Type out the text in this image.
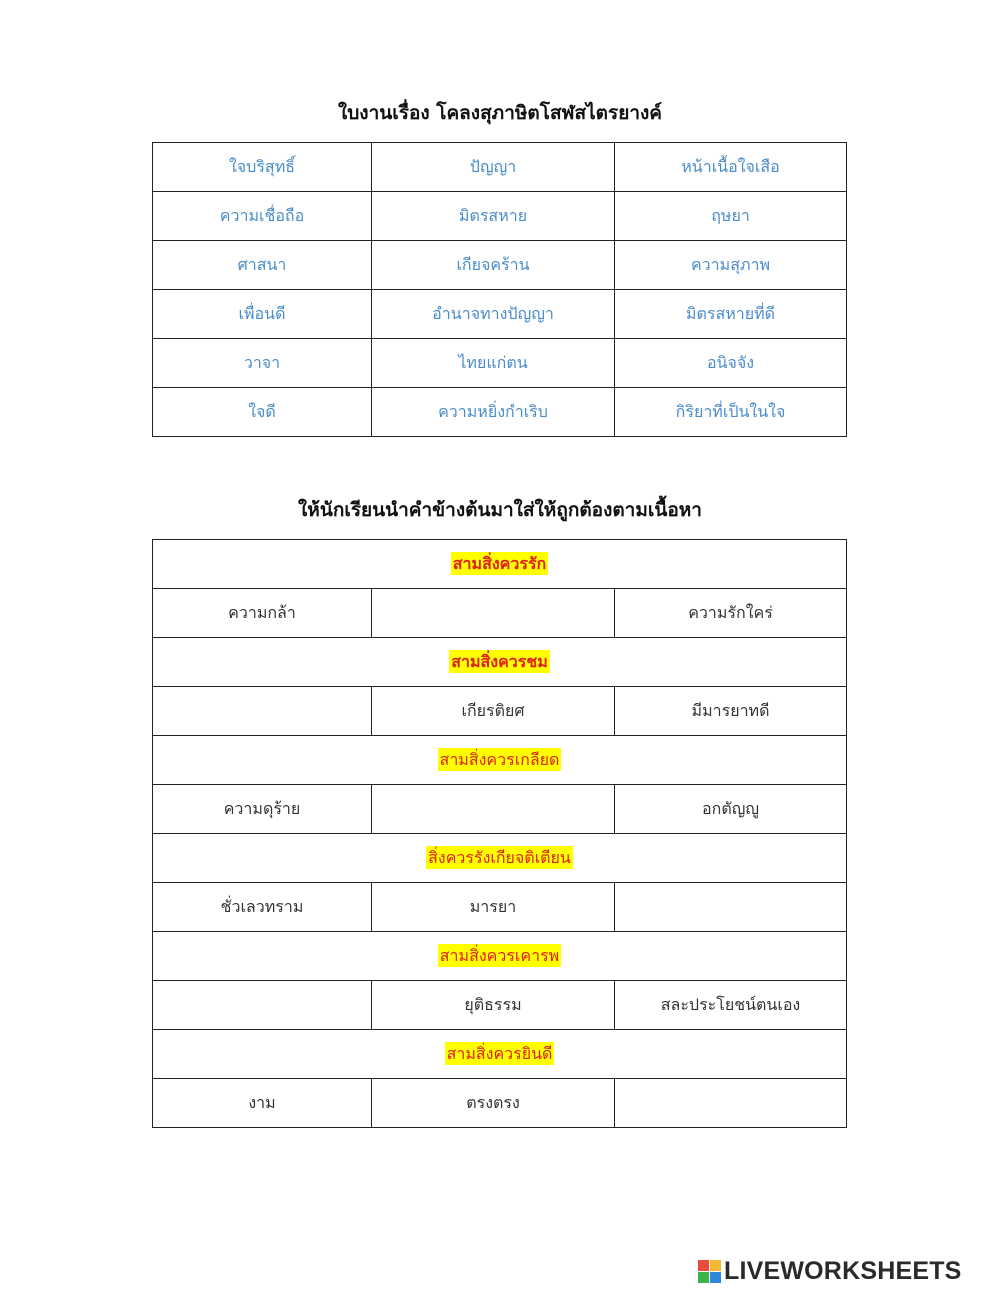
ใบงานเรื่อง โคลงสุภาษิตโสฬสไตรยางค์
ใจบริสุทธิ์	ปัญญา	หน้าเนื้อใจเสือ
ความเชื่อถือ	มิตรสหาย	ฤษยา
ศาสนา	เกียจคร้าน	ความสุภาพ
เพื่อนดี	อำนาจทางปัญญา	มิตรสหายที่ดี
วาจา	ไทยแก่ตน	อนิจจัง
ใจดี	ความหยิ่งกำเริบ	กิริยาที่เป็นในใจ
ให้นักเรียนนำคำข้างต้นมาใส่ให้ถูกต้องตามเนื้อหา
สามสิ่งควรรัก		
ความกล้า		ความรักใคร่
สามสิ่งควรชม		
	เกียรติยศ	มีมารยาทดี
สามสิ่งควรเกลียด		
ความดุร้าย		อกตัญญู
สิ่งควรรังเกียจติเตียน		
ชั่วเลวทราม	มารยา	
สามสิ่งควรเคารพ		
	ยุติธรรม	สละประโยชน์ตนเอง
สามสิ่งควรยินดี		
งาม	ตรงตรง	
LIVEWORKSHEETS
